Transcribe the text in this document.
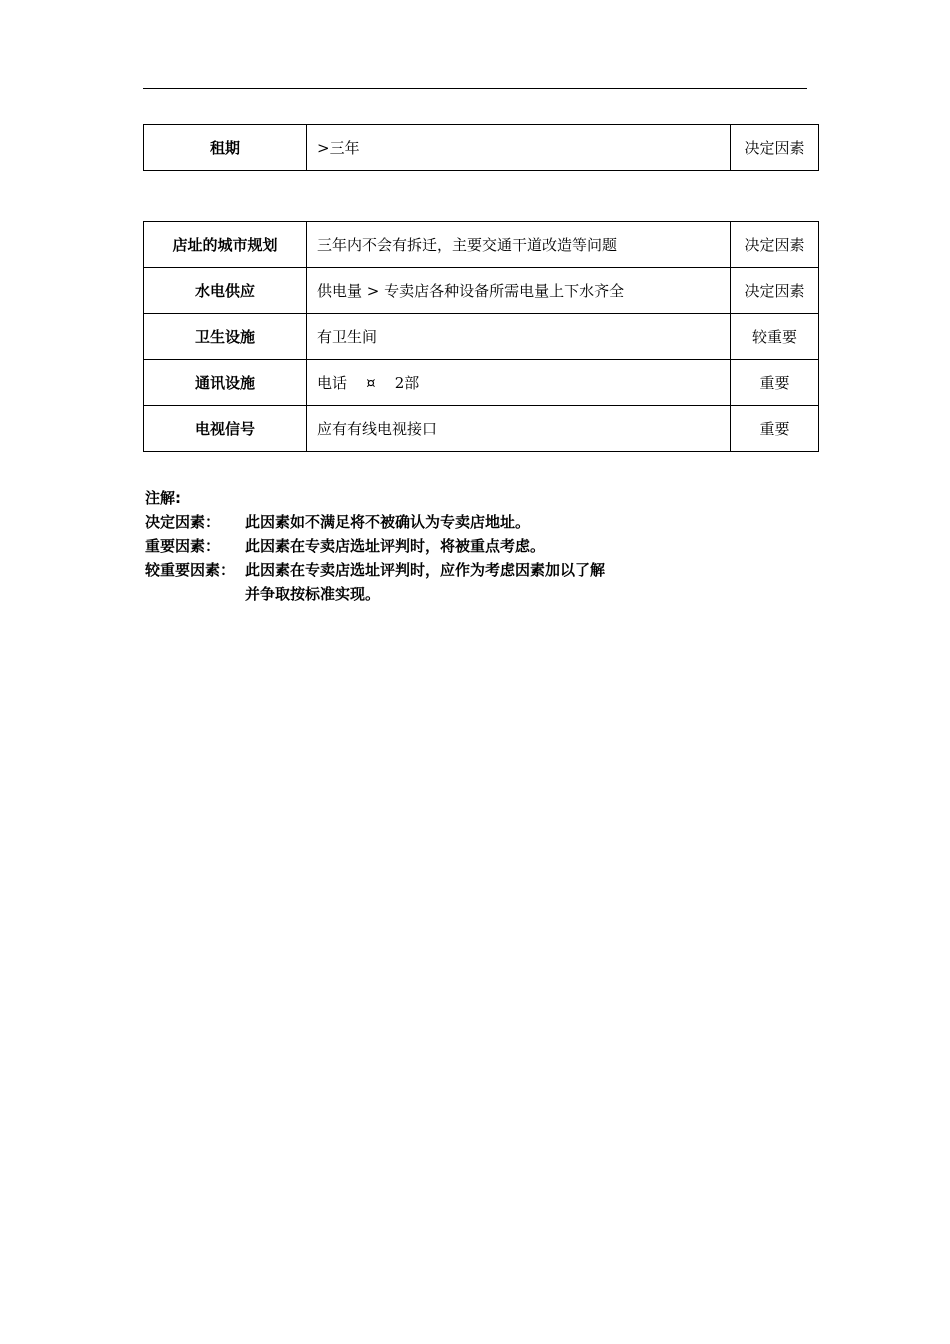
租期	>三年	决定因素
店址的城市规划	三年内不会有拆迁，主要交通干道改造等问题	决定因素
水电供应	供电量 > 专卖店各种设备所需电量上下水齐全	决定因素
卫生设施	有卫生间	较重要
通讯设施	电话    ¤    2部	重要
电视信号	应有有线电视接口	重要
注解:
决定因素：	此因素如不满足将不被确认为专卖店地址。
重要因素：	此因素在专卖店选址评判时，将被重点考虑。
较重要因素： 此因素在专卖店选址评判时，应作为考虑因素加以了解
并争取按标准实现。
